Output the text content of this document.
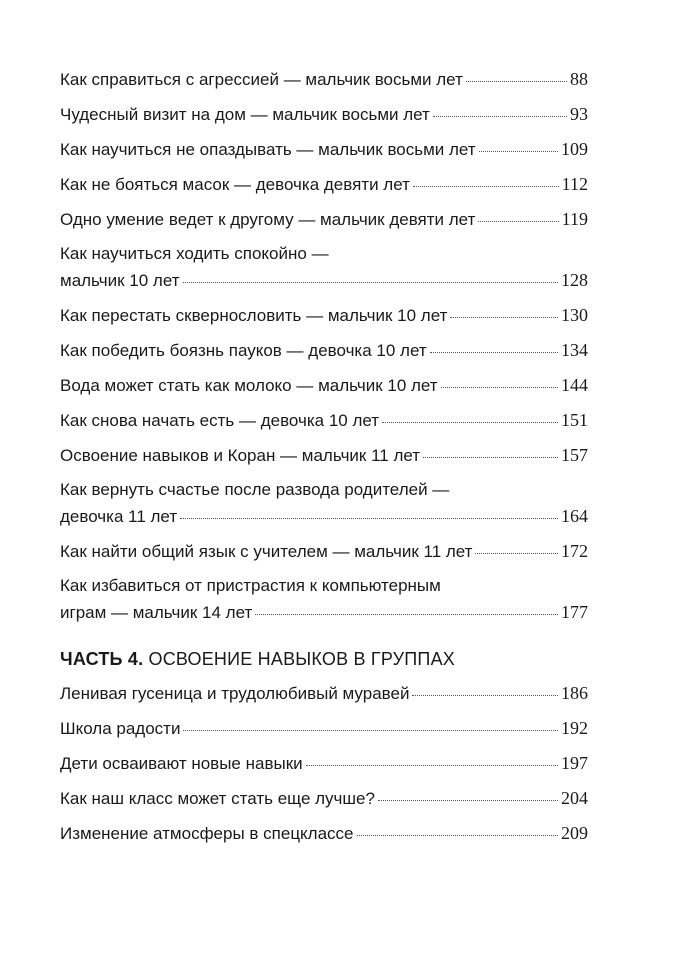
Как справиться с агрессией — мальчик восьми лет	88
Чудесный визит на дом — мальчик восьми лет	93
Как научиться не опаздывать — мальчик восьми лет	109
Как не бояться масок — девочка девяти лет	112
Одно умение ведет к другому — мальчик девяти лет	119
Как научиться ходить спокойно —
мальчик 10 лет	128
Как перестать сквернословить — мальчик 10 лет	130
Как победить боязнь пауков — девочка 10 лет	134
Вода может стать как молоко — мальчик 10 лет	144
Как снова начать есть — девочка 10 лет	151
Освоение навыков и Коран — мальчик 11 лет	157
Как вернуть счастье после развода родителей —
девочка 11 лет	164
Как найти общий язык с учителем — мальчик 11 лет	172
Как избавиться от пристрастия к компьютерным
играм — мальчик 14 лет	177
ЧАСТЬ 4. ОСВОЕНИЕ НАВЫКОВ В ГРУППАХ
Ленивая гусеница и трудолюбивый муравей	186
Школа радости	192
Дети осваивают новые навыки	197
Как наш класс может стать еще лучше?	204
Изменение атмосферы в спецклассе	209
